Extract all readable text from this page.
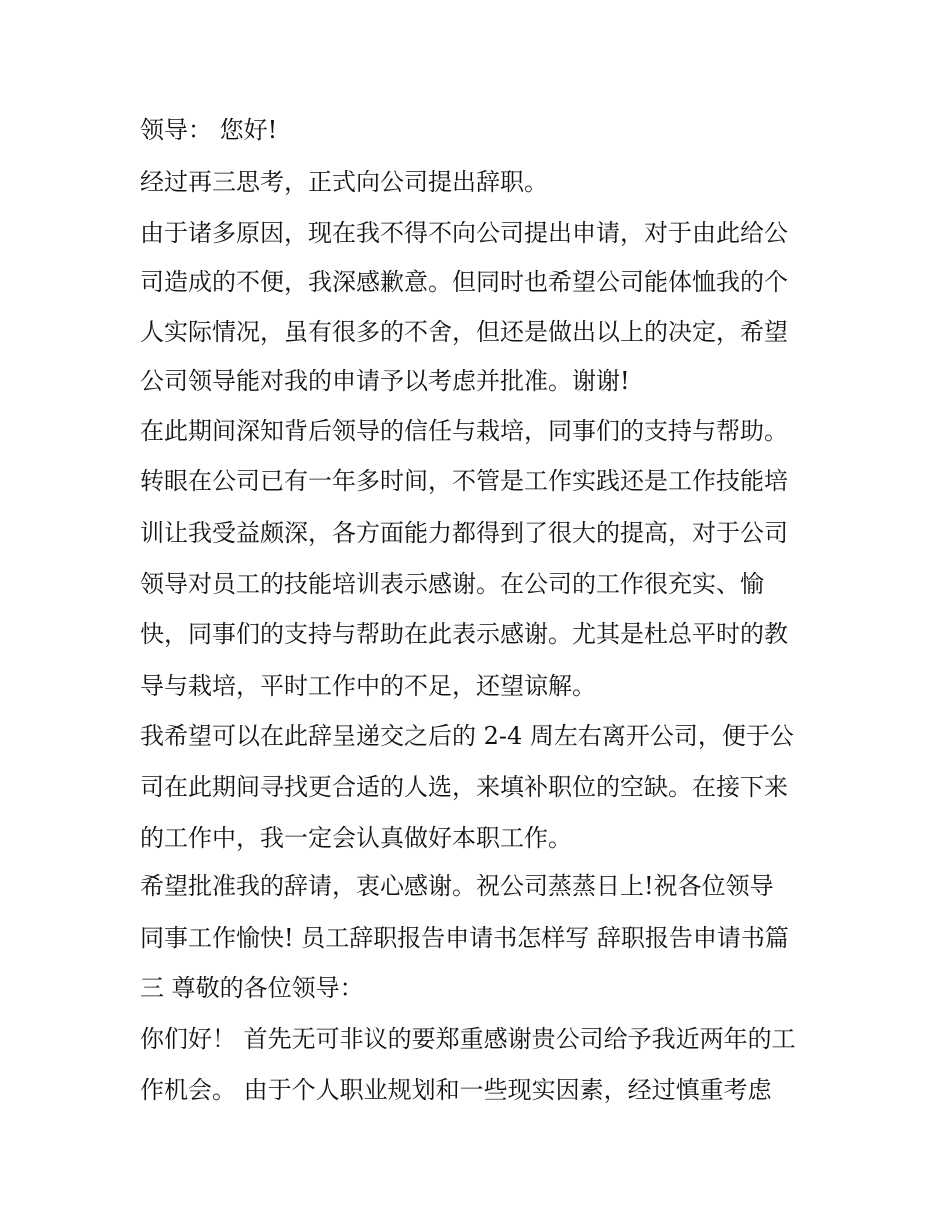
领导： 您好!
经过再三思考，正式向公司提出辞职。
由于诸多原因，现在我不得不向公司提出申请，对于由此给公
司造成的不便，我深感歉意。但同时也希望公司能体恤我的个
人实际情况，虽有很多的不舍，但还是做出以上的决定，希望
公司领导能对我的申请予以考虑并批准。谢谢!
在此期间深知背后领导的信任与栽培，同事们的支持与帮助。
转眼在公司已有一年多时间，不管是工作实践还是工作技能培
训让我受益颇深，各方面能力都得到了很大的提高，对于公司
领导对员工的技能培训表示感谢。在公司的工作很充实、愉
快，同事们的支持与帮助在此表示感谢。尤其是杜总平时的教
导与栽培，平时工作中的不足，还望谅解。
我希望可以在此辞呈递交之后的 2-4 周左右离开公司，便于公
司在此期间寻找更合适的人选，来填补职位的空缺。在接下来
的工作中，我一定会认真做好本职工作。
希望批准我的辞请，衷心感谢。祝公司蒸蒸日上!祝各位领导
同事工作愉快! 员工辞职报告申请书怎样写 辞职报告申请书篇
三 尊敬的各位领导：
你们好！ 首先无可非议的要郑重感谢贵公司给予我近两年的工
作机会。 由于个人职业规划和一些现实因素，经过慎重考虑
